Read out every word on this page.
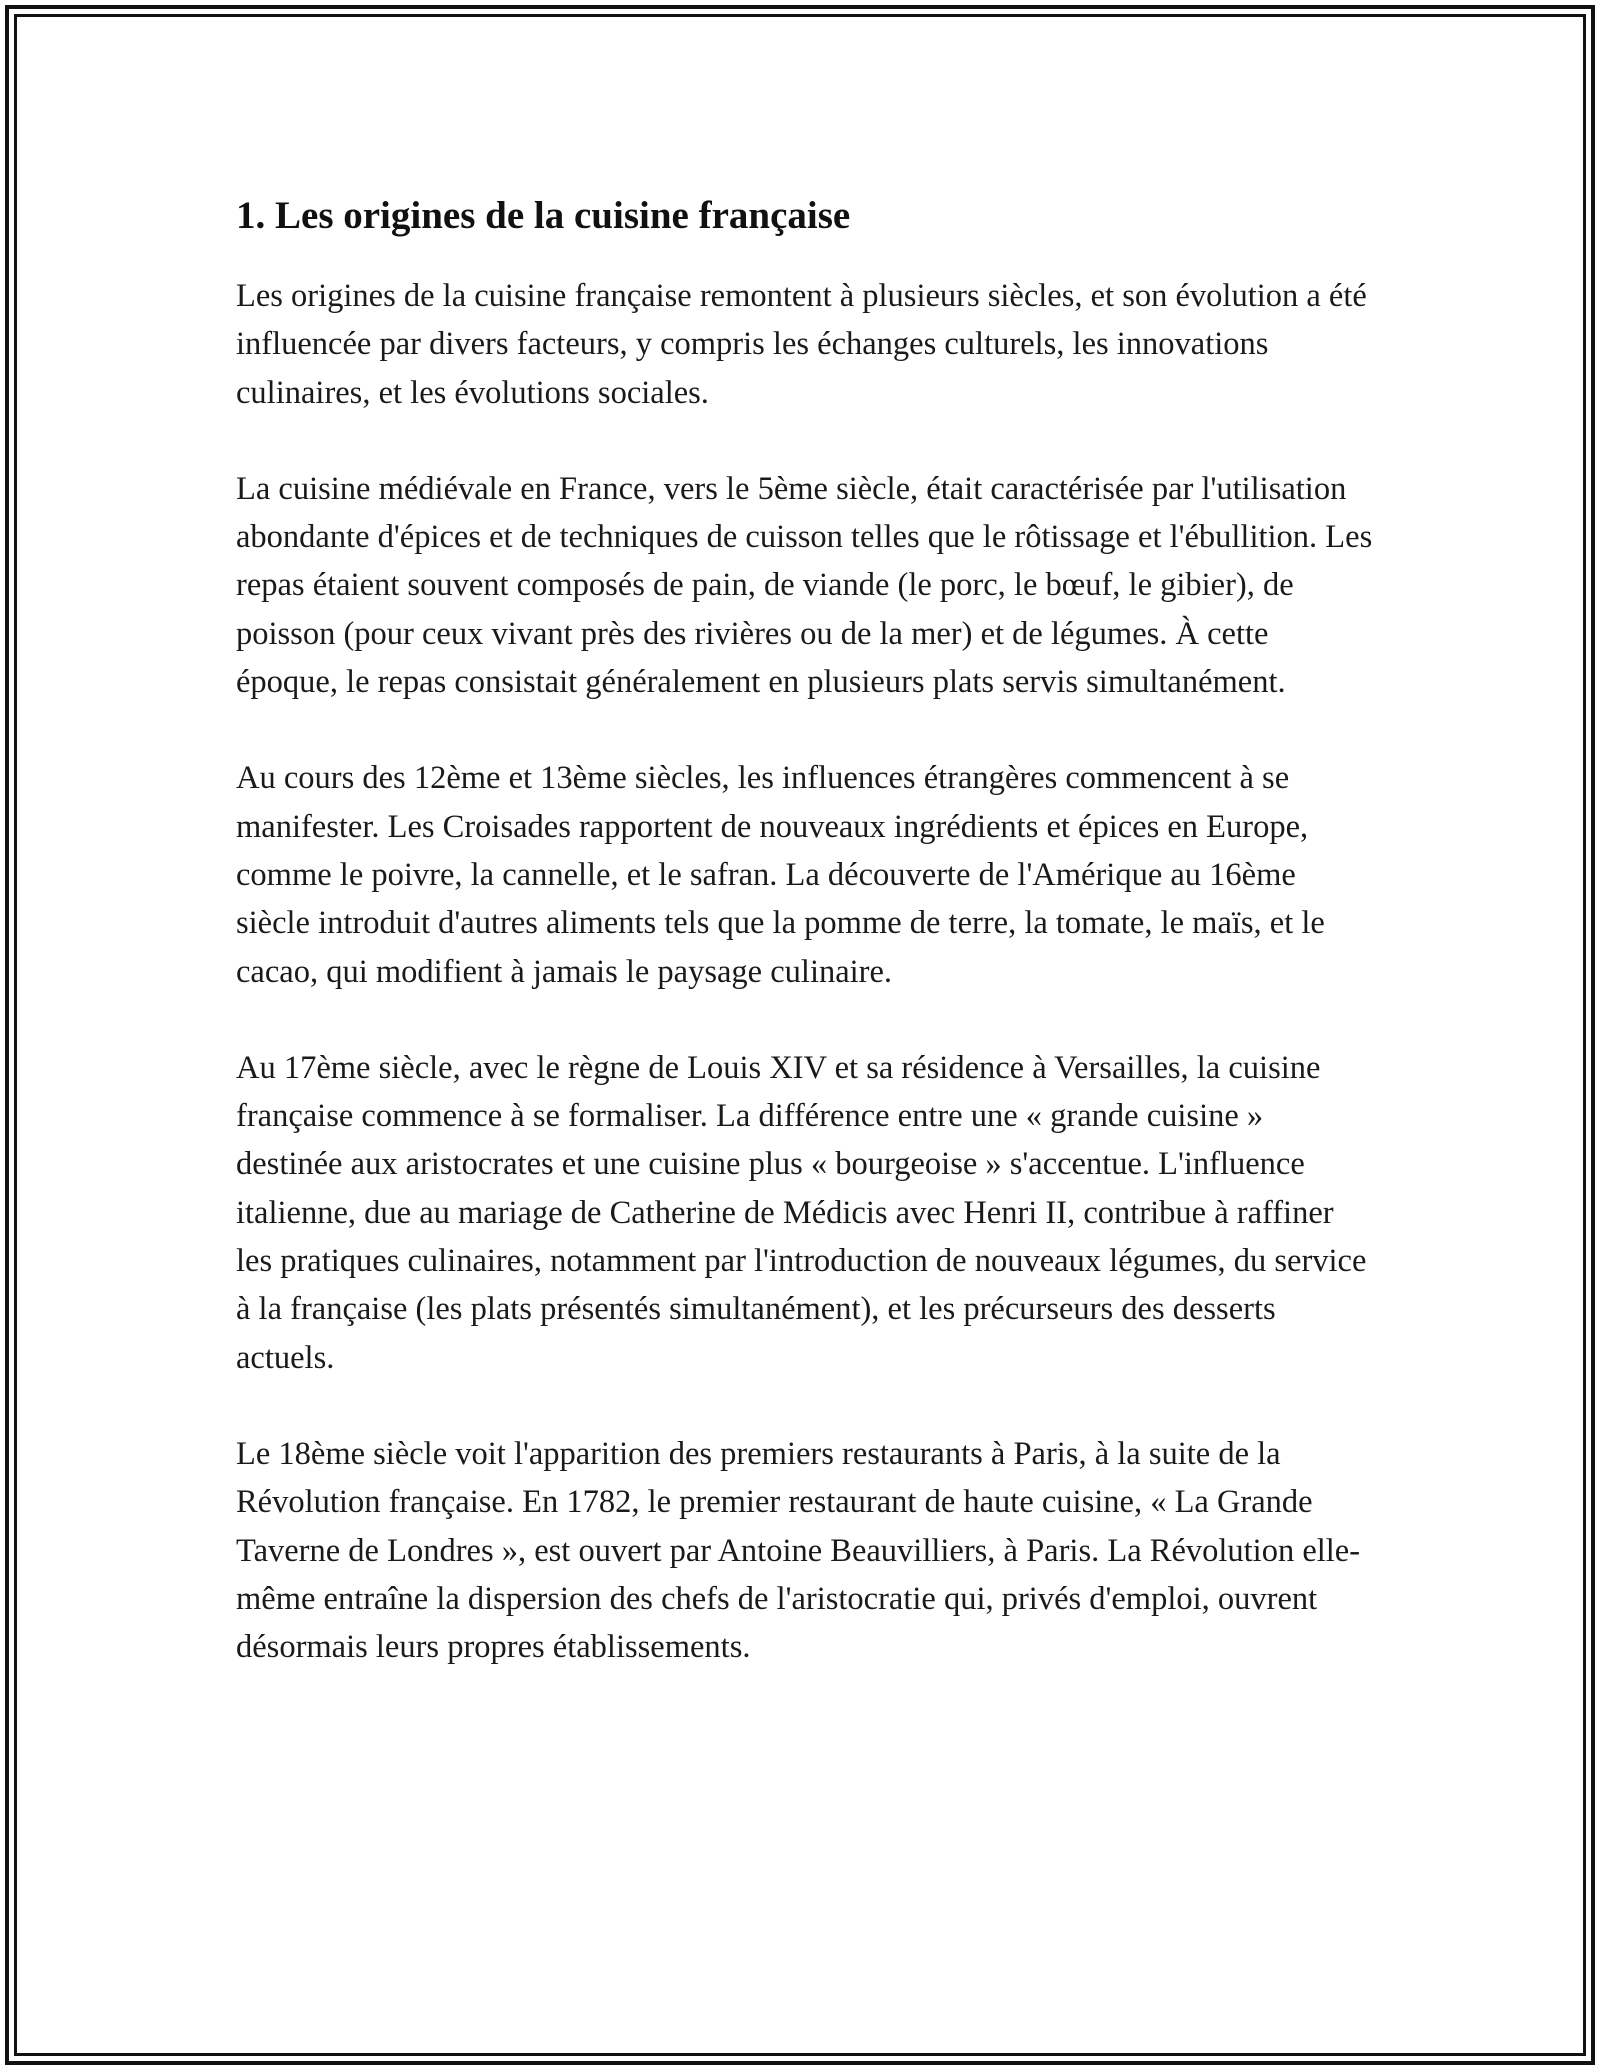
1. Les origines de la cuisine française

Les origines de la cuisine française remontent à plusieurs siècles, et son évolution a été influencée par divers facteurs, y compris les échanges culturels, les innovations culinaires, et les évolutions sociales.

La cuisine médiévale en France, vers le 5ème siècle, était caractérisée par l'utilisation abondante d'épices et de techniques de cuisson telles que le rôtissage et l'ébullition. Les repas étaient souvent composés de pain, de viande (le porc, le bœuf, le gibier), de poisson (pour ceux vivant près des rivières ou de la mer) et de légumes. À cette époque, le repas consistait généralement en plusieurs plats servis simultanément.

Au cours des 12ème et 13ème siècles, les influences étrangères commencent à se manifester. Les Croisades rapportent de nouveaux ingrédients et épices en Europe, comme le poivre, la cannelle, et le safran. La découverte de l'Amérique au 16ème siècle introduit d'autres aliments tels que la pomme de terre, la tomate, le maïs, et le cacao, qui modifient à jamais le paysage culinaire.

Au 17ème siècle, avec le règne de Louis XIV et sa résidence à Versailles, la cuisine française commence à se formaliser. La différence entre une « grande cuisine » destinée aux aristocrates et une cuisine plus « bourgeoise » s'accentue. L'influence italienne, due au mariage de Catherine de Médicis avec Henri II, contribue à raffiner les pratiques culinaires, notamment par l'introduction de nouveaux légumes, du service à la française (les plats présentés simultanément), et les précurseurs des desserts actuels.

Le 18ème siècle voit l'apparition des premiers restaurants à Paris, à la suite de la Révolution française. En 1782, le premier restaurant de haute cuisine, « La Grande Taverne de Londres », est ouvert par Antoine Beauvilliers, à Paris. La Révolution elle-même entraîne la dispersion des chefs de l'aristocratie qui, privés d'emploi, ouvrent désormais leurs propres établissements.
